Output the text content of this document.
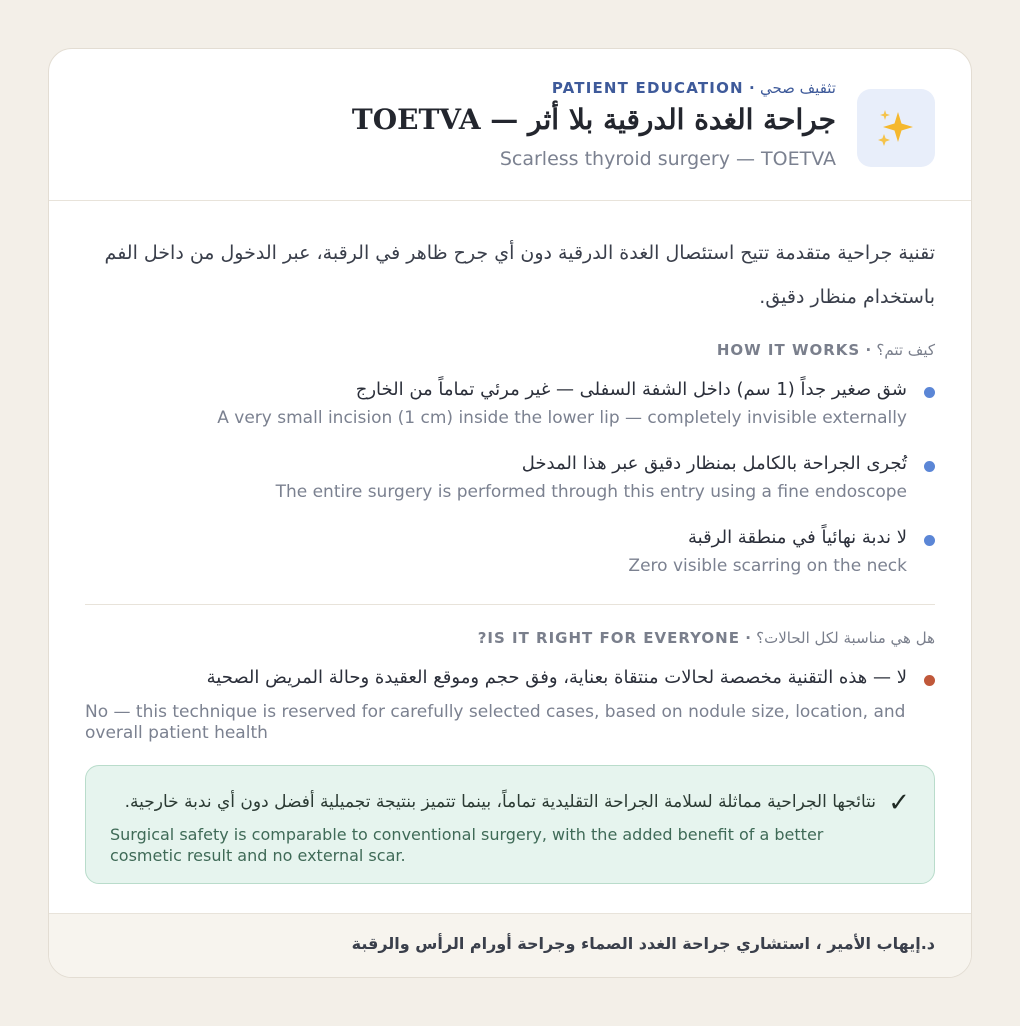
تثقيف صحي · PATIENT EDUCATION
جراحة الغدة الدرقية بلا أثر — TOETVA
Scarless thyroid surgery — TOETVA
تقنية جراحية متقدمة تتيح استئصال الغدة الدرقية دون أي جرح ظاهر في الرقبة، عبر الدخول من داخل الفم باستخدام منظار دقيق.
كيف تتم؟ · HOW IT WORKS
شق صغير جداً (1 سم) داخل الشفة السفلى — غير مرئي تماماً من الخارج
A very small incision (1 cm) inside the lower lip — completely invisible externally
تُجرى الجراحة بالكامل بمنظار دقيق عبر هذا المدخل
The entire surgery is performed through this entry using a fine endoscope
لا ندبة نهائياً في منطقة الرقبة
Zero visible scarring on the neck
هل هي مناسبة لكل الحالات؟ · IS IT RIGHT FOR EVERYONE?
لا — هذه التقنية مخصصة لحالات منتقاة بعناية، وفق حجم وموقع العقيدة وحالة المريض الصحية
No — this technique is reserved for carefully selected cases, based on nodule size, location, and overall patient health
✓
نتائجها الجراحية مماثلة لسلامة الجراحة التقليدية تماماً، بينما تتميز بنتيجة تجميلية أفضل دون أي ندبة خارجية.
Surgical safety is comparable to conventional surgery, with the added benefit of a better cosmetic result and no external scar.
د.إيهاب الأمير ، استشاري جراحة الغدد الصماء وجراحة أورام الرأس والرقبة
